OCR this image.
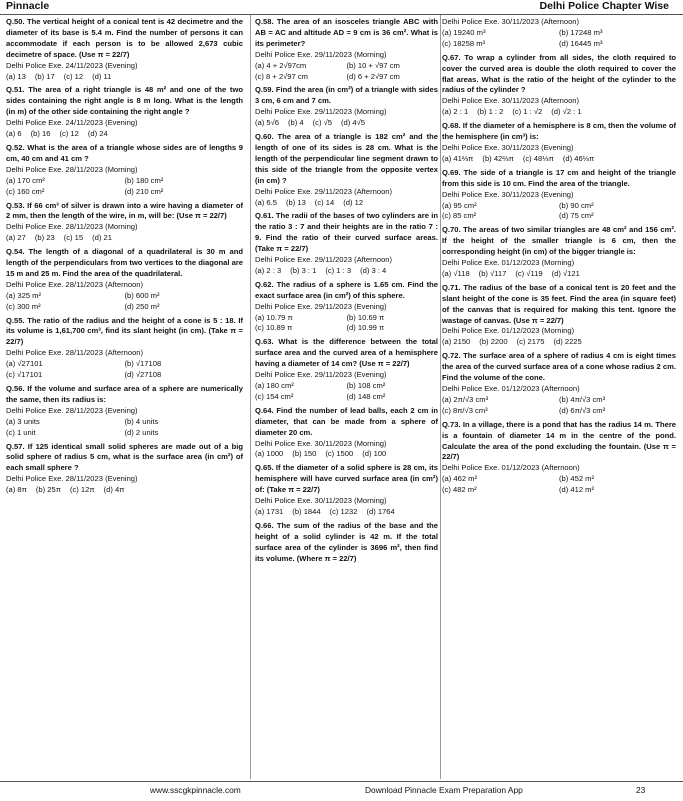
Pinnacle	Delhi Police Chapter Wise
Q.50. The vertical height of a conical tent is 42 decimetre and the diameter of its base is 5.4 m. Find the number of persons it can accommodate if each person is to be allowed 2,673 cubic decimetre of space. (Use π = 22/7)
Delhi Police Exe. 24/11/2023 (Evening)
(a) 13 (b) 17 (c) 12 (d) 11
Q.51. The area of a right triangle is 48 m² and one of the two sides containing the right angle is 8 m long. What is the length (in m) of the other side containing the right angle ?
Delhi Police Exe. 24/11/2023 (Evening)
(a) 6 (b) 16 (c) 12 (d) 24
Q.52. What is the area of a triangle whose sides are of lengths 9 cm, 40 cm and 41 cm ?
Delhi Police Exe. 28/11/2023 (Morning)
(a) 170 cm²	(b) 180 cm²
(c) 160 cm²	(d) 210 cm²
Q.53. If 66 cm³ of silver is drawn into a wire having a diameter of 2 mm, then the length of the wire, in m, will be: (Use π = 22/7)
Delhi Police Exe. 28/11/2023 (Morning)
(a) 27 (b) 23 (c) 15 (d) 21
Q.54. The length of a diagonal of a quadrilateral is 30 m and length of the perpendiculars from two vertices to the diagonal are 15 m and 25 m. Find the area of the quadrilateral.
Delhi Police Exe. 28/11/2023 (Afternoon)
(a) 325 m²	(b) 600 m²
(c) 300 m²	(d) 250 m²
Q.55. The ratio of the radius and the height of a cone is 5 : 18. If its volume is 1,61,700 cm³, find its slant height (in cm). (Take π = 22/7)
Delhi Police Exe. 28/11/2023 (Afternoon)
(a) √27101	(b) √17108
(c) √17101	(d) √27108
Q.56. If the volume and surface area of a sphere are numerically the same, then its radius is:
Delhi Police Exe. 28/11/2023 (Evening)
(a) 3 units	(b) 4 units
(c) 1 unit	(d) 2 units
Q.57. If 125 identical small solid spheres are made out of a big solid sphere of radius 5 cm, what is the surface area (in cm²) of each small sphere ?
Delhi Police Exe. 28/11/2023 (Evening)
(a) 8π (b) 25π (c) 12π (d) 4π
Q.58. The area of an isosceles triangle ABC with AB = AC and altitude AD = 9 cm is 36 cm². What is its perimeter?
Delhi Police Exe. 29/11/2023 (Morning)
(a) 4 + 2√97cm	(b) 10 + √97 cm
(c) 8 + 2√97 cm	(d) 6 + 2√97 cm
Q.59. Find the area (in cm²) of a triangle with sides 3 cm, 6 cm and 7 cm.
Delhi Police Exe. 29/11/2023 (Morning)
(a) 5√6 (b) 4 (c) √5 (d) 4√5
Q.60. The area of a triangle is 182 cm² and the length of one of its sides is 28 cm. What is the length of the perpendicular line segment drawn to this side of the triangle from the opposite vertex (in cm) ?
Delhi Police Exe. 29/11/2023 (Afternoon)
(a) 6.5 (b) 13 (c) 14 (d) 12
Q.61. The radii of the bases of two cylinders are in the ratio 3 : 7 and their heights are in the ratio 7 : 9. Find the ratio of their curved surface areas. (Take π = 22/7)
Delhi Police Exe. 29/11/2023 (Afternoon)
(a) 2 : 3 (b) 3 : 1 (c) 1 : 3 (d) 3 : 4
Q.62. The radius of a sphere is 1.65 cm. Find the exact surface area (in cm²) of this sphere.
Delhi Police Exe. 29/11/2023 (Evening)
(a) 10.79 π	(b) 10.69 π
(c) 10.89 π	(d) 10.99 π
Q.63. What is the difference between the total surface area and the curved area of a hemisphere having a diameter of 14 cm? (Use π = 22/7)
Delhi Police Exe. 29/11/2023 (Evening)
(a) 180 cm²	(b) 108 cm²
(c) 154 cm²	(d) 148 cm²
Q.64. Find the number of lead balls, each 2 cm in diameter, that can be made from a sphere of diameter 20 cm.
Delhi Police Exe. 30/11/2023 (Morning)
(a) 1000 (b) 150 (c) 1500 (d) 100
Q.65. If the diameter of a solid sphere is 28 cm, its hemisphere will have curved surface area (in cm²) of: (Take π = 22/7)
Delhi Police Exe. 30/11/2023 (Morning)
(a) 1731 (b) 1844 (c) 1232 (d) 1764
Q.66. The sum of the radius of the base and the height of a solid cylinder is 42 m. If the total surface area of the cylinder is 3696 m², then find its volume. (Where π = 22/7)
Delhi Police Exe. 30/11/2023 (Afternoon)
(a) 19240 m³	(b) 17248 m³
(c) 18258 m³	(d) 16445 m³
Q.67. To wrap a cylinder from all sides, the cloth required to cover the curved area is double the cloth required to cover the flat areas. What is the ratio of the height of the cylinder to the radius of the cylinder ?
Delhi Police Exe. 30/11/2023 (Afternoon)
(a) 2 : 1 (b) 1 : 2 (c) 1 : √2 (d) √2 : 1
Q.68. If the diameter of a hemisphere is 8 cm, then the volume of the hemisphere (in cm³) is:
Delhi Police Exe. 30/11/2023 (Evening)
(a) 41⅔π (b) 42⅔π (c) 48⅓π (d) 46⅓π
Q.69. The side of a triangle is 17 cm and height of the triangle from this side is 10 cm. Find the area of the triangle.
Delhi Police Exe. 30/11/2023 (Evening)
(a) 95 cm²	(b) 90 cm²
(c) 85 cm²	(d) 75 cm²
Q.70. The areas of two similar triangles are 48 cm² and 156 cm². If the height of the smaller triangle is 6 cm, then the corresponding height (in cm) of the bigger triangle is:
Delhi Police Exe. 01/12/2023 (Morning)
(a) √118 (b) √117 (c) √119 (d) √121
Q.71. The radius of the base of a conical tent is 20 feet and the slant height of the cone is 35 feet. Find the area (in square feet) of the canvas that is required for making this tent. Ignore the wastage of canvas. (Use π = 22/7)
Delhi Police Exe. 01/12/2023 (Morning)
(a) 2150 (b) 2200 (c) 2175 (d) 2225
Q.72. The surface area of a sphere of radius 4 cm is eight times the area of the curved surface area of a cone whose radius 2 cm. Find the volume of the cone.
Delhi Police Exe. 01/12/2023 (Afternoon)
(a) 2π/√3 cm³	(b) 4π/√3 cm³
(c) 8π/√3 cm³	(d) 6π/√3 cm³
Q.73. In a village, there is a pond that has the radius 14 m. There is a fountain of diameter 14 m in the centre of the pond. Calculate the area of the pond excluding the fountain. (Use π = 22/7)
Delhi Police Exe. 01/12/2023 (Afternoon)
(a) 462 m²	(b) 452 m²
(c) 482 m²	(d) 412 m²
www.sscgkpinnacle.com	Download Pinnacle Exam Preparation App	23
